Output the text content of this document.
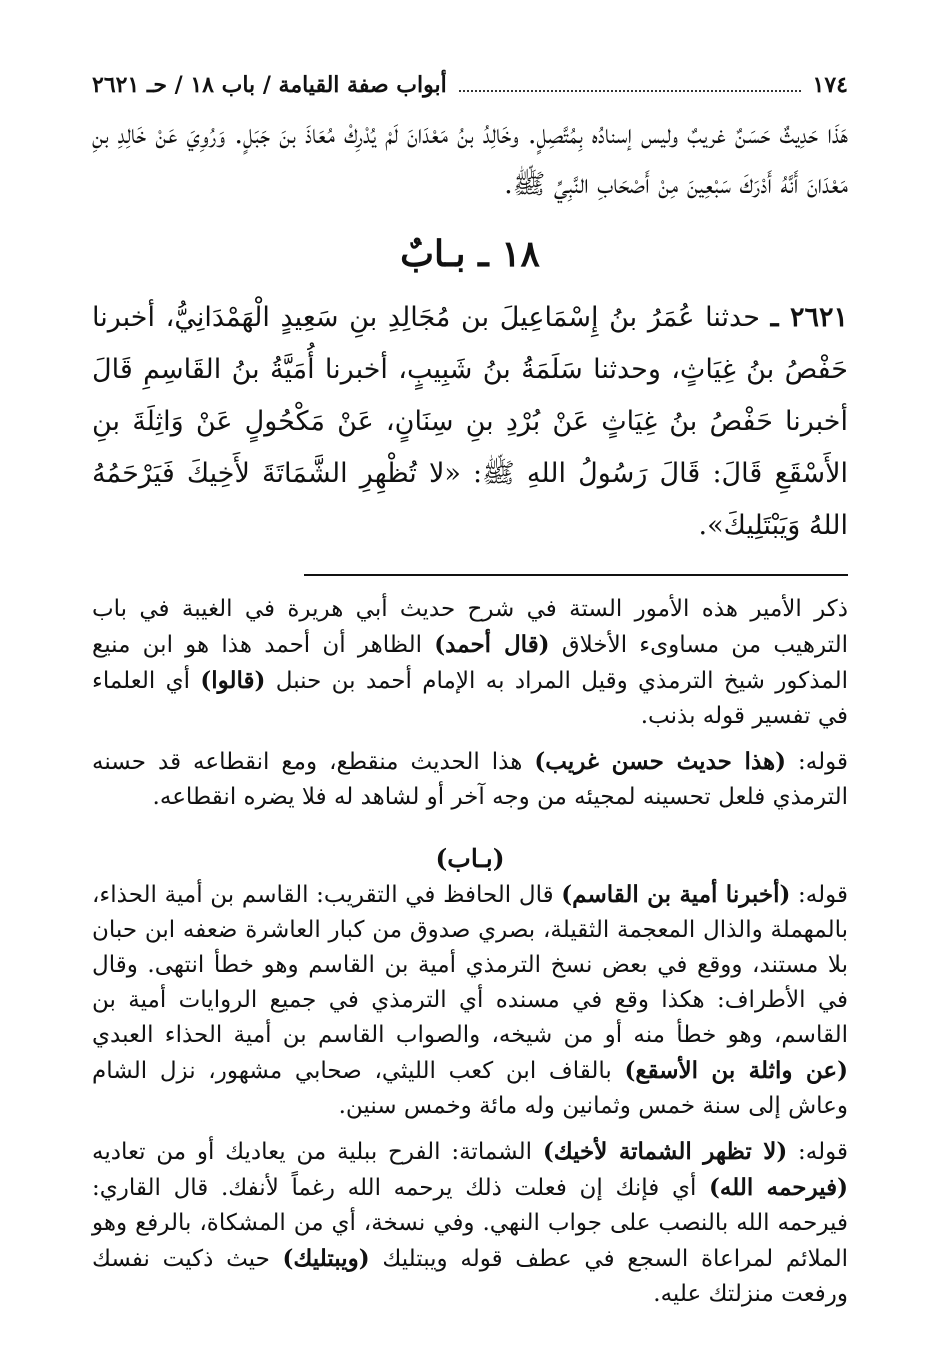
١٧٤
أبواب صفة القيامة / باب ١٨ / حـ ٢٦٢١

هَذَا حَدِيثٌ حَسَنٌ غريبٌ وليس إسنادُه بِمُتَّصِلٍ. وخَالِدُ بنُ مَعْدَانَ لَمْ يُدْرِكْ مُعَاذَ بنَ جَبَلٍ. وَرُوِيَ عَنْ خَالِدِ بنِ مَعْدَانَ أَنَّهُ أَدْرَكَ سَبْعِينَ مِنْ أَصْحَابِ النَّبِيِّ ﷺ.

١٨ ـ بـابٌ

٢٦٢١ ـ حدثنا عُمَرُ بنُ إِسْمَاعِيلَ بن مُجَالِدِ بنِ سَعِيدٍ الْهَمْدَانِيُّ، أخبرنا حَفْصُ بنُ غِيَاثٍ، وحدثنا سَلَمَةُ بنُ شَبِيبٍ، أخبرنا أُمَيَّةُ بنُ القَاسِمِ قَالَ أخبرنا حَفْصُ بنُ غِيَاثٍ عَنْ بُرْدِ بنِ سِنَانٍ، عَنْ مَكْحُولٍ عَنْ وَاثِلَةَ بنِ الأَسْقَعِ قَالَ: قَالَ رَسُولُ اللهِ ﷺ: «لا تُظْهِرِ الشَّمَاتَةَ لأَخِيكَ فَيَرْحَمُهُ اللهُ وَيَبْتَلِيكَ».

ذكر الأمير هذه الأمور الستة في شرح حديث أبي هريرة في الغيبة في باب الترهيب من مساوىء الأخلاق (قال أحمد) الظاهر أن أحمد هذا هو ابن منيع المذكور شيخ الترمذي وقيل المراد به الإمام أحمد بن حنبل (قالوا) أي العلماء في تفسير قوله بذنب.

قوله: (هذا حديث حسن غريب) هذا الحديث منقطع، ومع انقطاعه قد حسنه الترمذي فلعل تحسينه لمجيئه من وجه آخر أو لشاهد له فلا يضره انقطاعه.

(بـاب)

قوله: (أخبرنا أمية بن القاسم) قال الحافظ في التقريب: القاسم بن أمية الحذاء، بالمهملة والذال المعجمة الثقيلة، بصري صدوق من كبار العاشرة ضعفه ابن حبان بلا مستند، ووقع في بعض نسخ الترمذي أمية بن القاسم وهو خطأ انتهى. وقال في الأطراف: هكذا وقع في مسنده أي الترمذي في جميع الروايات أمية بن القاسم، وهو خطأ منه أو من شيخه، والصواب القاسم بن أمية الحذاء العبدي (عن واثلة بن الأسقع) بالقاف ابن كعب الليثي، صحابي مشهور، نزل الشام وعاش إلى سنة خمس وثمانين وله مائة وخمس سنين.

قوله: (لا تظهر الشماتة لأخيك) الشماتة: الفرح ببلية من يعاديك أو من تعاديه (فيرحمه الله) أي فإنك إن فعلت ذلك يرحمه الله رغماً لأنفك. قال القاري: فيرحمه الله بالنصب على جواب النهي. وفي نسخة، أي من المشكاة، بالرفع وهو الملائم لمراعاة السجع في عطف قوله ويبتليك (ويبتليك) حيث ذكيت نفسك ورفعت منزلتك عليه.
